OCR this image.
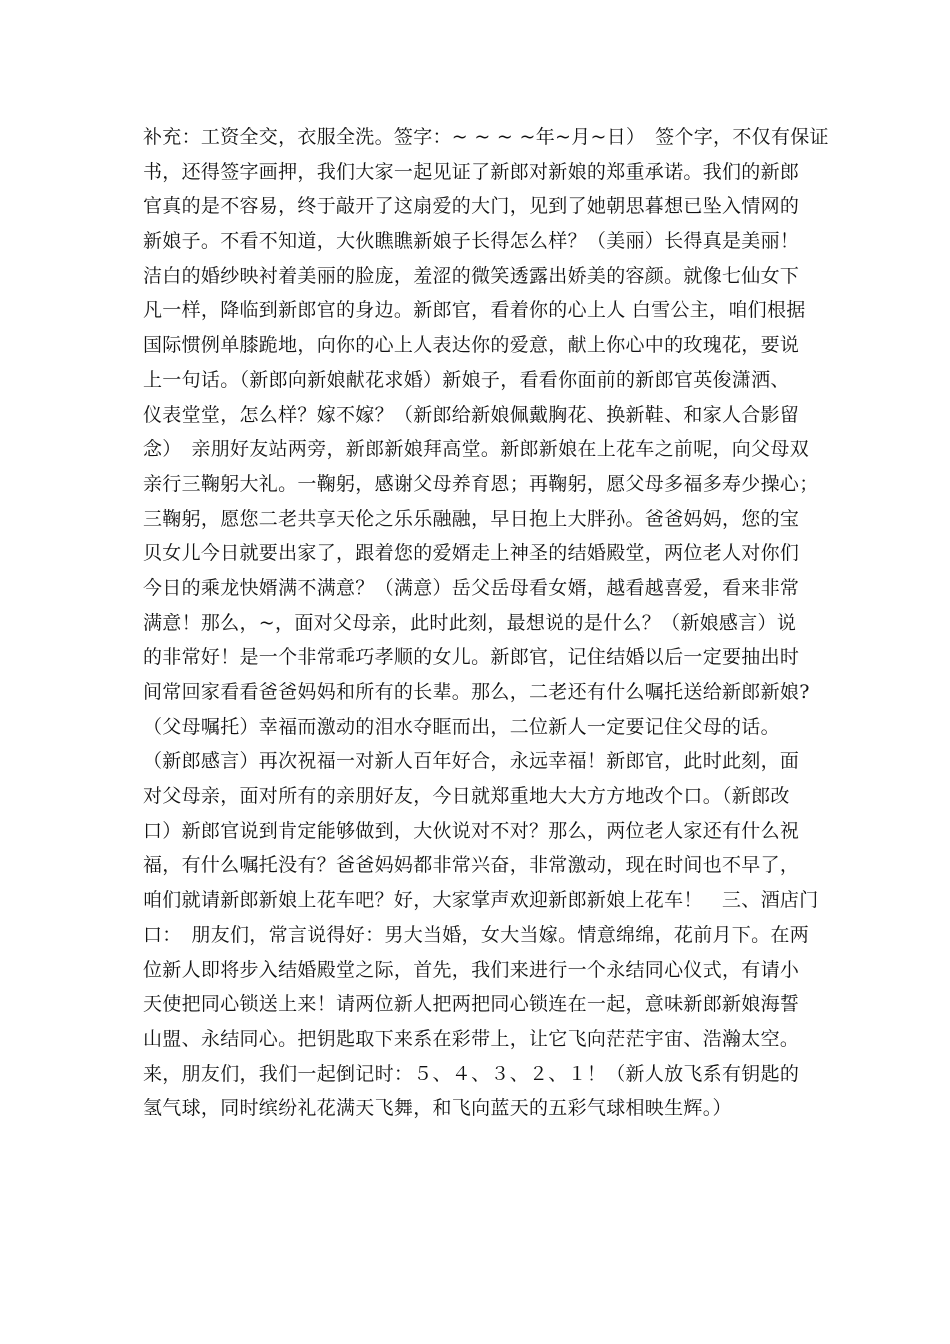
补充：工资全交，衣服全洗。签字：~ ~ ~ ~年~月~日）　签个字，不仅有保证
书，还得签字画押，我们大家一起见证了新郎对新娘的郑重承诺。我们的新郎
官真的是不容易，终于敲开了这扇爱的大门，见到了她朝思暮想已坠入情网的
新娘子。不看不知道，大伙瞧瞧新娘子长得怎么样？（美丽）长得真是美丽！
洁白的婚纱映衬着美丽的脸庞，羞涩的微笑透露出娇美的容颜。就像七仙女下
凡一样，降临到新郎官的身边。新郎官，看着你的心上人 白雪公主，咱们根据
国际惯例单膝跪地，向你的心上人表达你的爱意，献上你心中的玫瑰花，要说
上一句话。（新郎向新娘献花求婚）新娘子，看看你面前的新郎官英俊潇洒、
仪表堂堂，怎么样？嫁不嫁？（新郎给新娘佩戴胸花、换新鞋、和家人合影留
念）　亲朋好友站两旁，新郎新娘拜高堂。新郎新娘在上花车之前呢，向父母双
亲行三鞠躬大礼。一鞠躬，感谢父母养育恩；再鞠躬，愿父母多福多寿少操心；
三鞠躬，愿您二老共享天伦之乐乐融融，早日抱上大胖孙。爸爸妈妈，您的宝
贝女儿今日就要出家了，跟着您的爱婿走上神圣的结婚殿堂，两位老人对你们
今日的乘龙快婿满不满意？（满意）岳父岳母看女婿，越看越喜爱，看来非常
满意！那么，~，面对父母亲，此时此刻，最想说的是什么？（新娘感言）说
的非常好！是一个非常乖巧孝顺的女儿。新郎官，记住结婚以后一定要抽出时
间常回家看看爸爸妈妈和所有的长辈。那么，二老还有什么嘱托送给新郎新娘?
（父母嘱托）幸福而激动的泪水夺眶而出，二位新人一定要记住父母的话。
（新郎感言）再次祝福一对新人百年好合，永远幸福！新郎官，此时此刻，面
对父母亲，面对所有的亲朋好友，今日就郑重地大大方方地改个口。（新郎改
口）新郎官说到肯定能够做到，大伙说对不对？那么，两位老人家还有什么祝
福，有什么嘱托没有？爸爸妈妈都非常兴奋，非常激动，现在时间也不早了，
咱们就请新郎新娘上花车吧？好，大家掌声欢迎新郎新娘上花车！　三、酒店门
口：　朋友们，常言说得好：男大当婚，女大当嫁。情意绵绵，花前月下。在两
位新人即将步入结婚殿堂之际，首先，我们来进行一个永结同心仪式，有请小
天使把同心锁送上来！请两位新人把两把同心锁连在一起，意味新郎新娘海誓
山盟、永结同心。把钥匙取下来系在彩带上，让它飞向茫茫宇宙、浩瀚太空。
来，朋友们，我们一起倒记时：５、４、３、２、１！（新人放飞系有钥匙的
氢气球，同时缤纷礼花满天飞舞，和飞向蓝天的五彩气球相映生辉。）
